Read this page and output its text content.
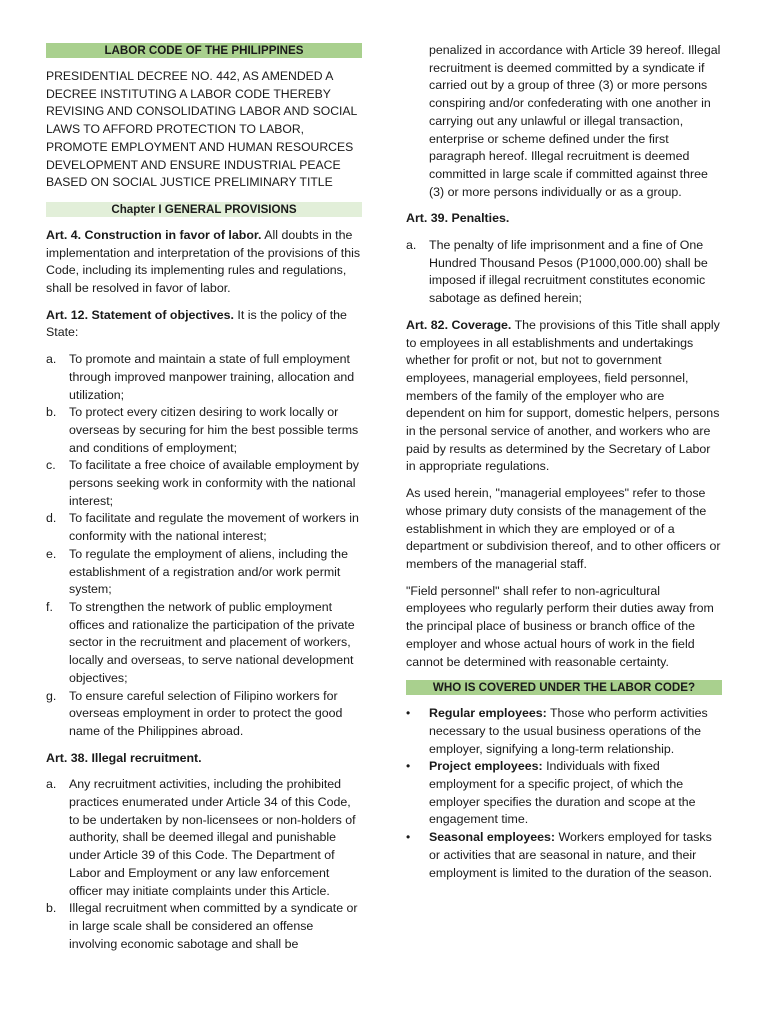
LABOR CODE OF THE PHILIPPINES
PRESIDENTIAL DECREE NO. 442, AS AMENDED A DECREE INSTITUTING A LABOR CODE THEREBY REVISING AND CONSOLIDATING LABOR AND SOCIAL LAWS TO AFFORD PROTECTION TO LABOR, PROMOTE EMPLOYMENT AND HUMAN RESOURCES DEVELOPMENT AND ENSURE INDUSTRIAL PEACE BASED ON SOCIAL JUSTICE PRELIMINARY TITLE
Chapter I GENERAL PROVISIONS

Art. 4. Construction in favor of labor. All doubts in the implementation and interpretation of the provisions of this Code, including its implementing rules and regulations, shall be resolved in favor of labor.

Art. 12. Statement of objectives. It is the policy of the State:

a. To promote and maintain a state of full employment through improved manpower training, allocation and utilization;
b. To protect every citizen desiring to work locally or overseas by securing for him the best possible terms and conditions of employment;
c. To facilitate a free choice of available employment by persons seeking work in conformity with the national interest;
d. To facilitate and regulate the movement of workers in conformity with the national interest;
e. To regulate the employment of aliens, including the establishment of a registration and/or work permit system;
f. To strengthen the network of public employment offices and rationalize the participation of the private sector in the recruitment and placement of workers, locally and overseas, to serve national development objectives;
g. To ensure careful selection of Filipino workers for overseas employment in order to protect the good name of the Philippines abroad.

Art. 38. Illegal recruitment.

a. Any recruitment activities, including the prohibited practices enumerated under Article 34 of this Code, to be undertaken by non-licensees or non-holders of authority, shall be deemed illegal and punishable under Article 39 of this Code. The Department of Labor and Employment or any law enforcement officer may initiate complaints under this Article.
b. Illegal recruitment when committed by a syndicate or in large scale shall be considered an offense involving economic sabotage and shall be

penalized in accordance with Article 39 hereof. Illegal recruitment is deemed committed by a syndicate if carried out by a group of three (3) or more persons conspiring and/or confederating with one another in carrying out any unlawful or illegal transaction, enterprise or scheme defined under the first paragraph hereof. Illegal recruitment is deemed committed in large scale if committed against three (3) or more persons individually or as a group.

Art. 39. Penalties.

a. The penalty of life imprisonment and a fine of One Hundred Thousand Pesos (P1000,000.00) shall be imposed if illegal recruitment constitutes economic sabotage as defined herein;

Art. 82. Coverage. The provisions of this Title shall apply to employees in all establishments and undertakings whether for profit or not, but not to government employees, managerial employees, field personnel, members of the family of the employer who are dependent on him for support, domestic helpers, persons in the personal service of another, and workers who are paid by results as determined by the Secretary of Labor in appropriate regulations.

As used herein, "managerial employees" refer to those whose primary duty consists of the management of the establishment in which they are employed or of a department or subdivision thereof, and to other officers or members of the managerial staff.

"Field personnel" shall refer to non-agricultural employees who regularly perform their duties away from the principal place of business or branch office of the employer and whose actual hours of work in the field cannot be determined with reasonable certainty.

WHO IS COVERED UNDER THE LABOR CODE?
• Regular employees: Those who perform activities necessary to the usual business operations of the employer, signifying a long-term relationship.
• Project employees: Individuals with fixed employment for a specific project, of which the employer specifies the duration and scope at the engagement time.
• Seasonal employees: Workers employed for tasks or activities that are seasonal in nature, and their employment is limited to the duration of the season.
